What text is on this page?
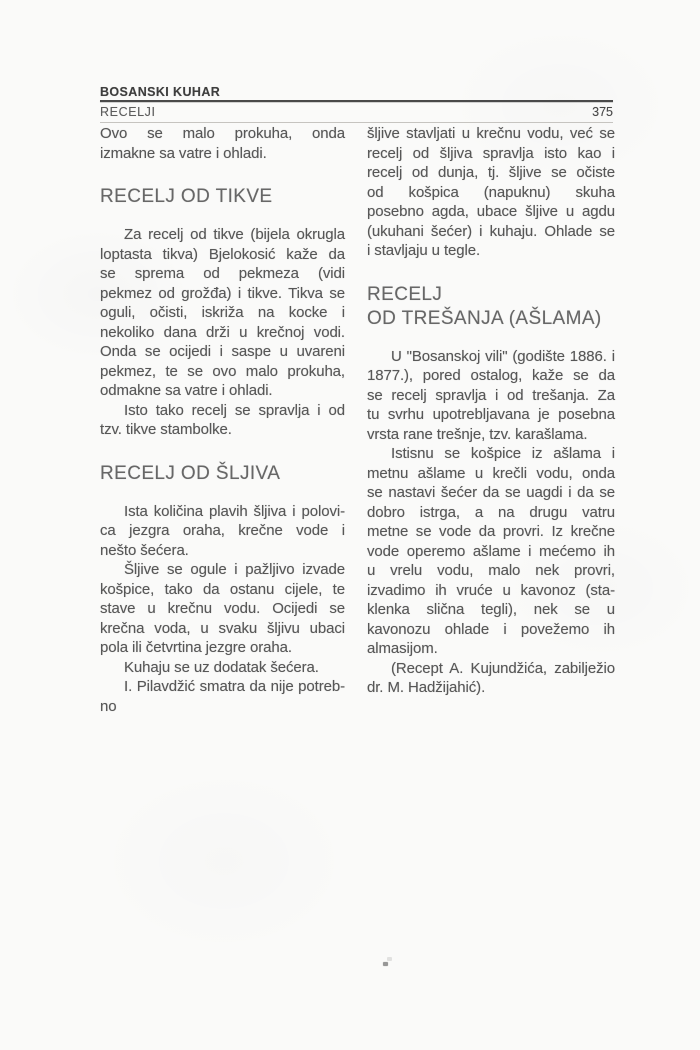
BOSANSKI KUHAR
RECELJI	375
Ovo se malo prokuha, onda
izmakne sa vatre i ohladi.
RECELJ OD TIKVE
Za recelj od tikve (bijela okrugla
loptasta tikva) Bjelokosić kaže da
se sprema od pekmeza (vidi
pekmez od grožđa) i tikve. Tikva se
oguli, očisti, iskriža na kocke i
nekoliko dana drži u krečnoj vodi.
Onda se ocijedi i saspe u uvareni
pekmez, te se ovo malo prokuha,
odmakne sa vatre i ohladi.
Isto tako recelj se spravlja i od
tzv. tikve stambolke.
RECELJ OD ŠLJIVA
Ista količina plavih šljiva i polovi-
ca jezgra oraha, krečne vode i
nešto šećera.
Šljive se ogule i pažljivo izvade
košpice, tako da ostanu cijele, te
stave u krečnu vodu. Ocijedi se
krečna voda, u svaku šljivu ubaci
pola ili četvrtina jezgre oraha.
Kuhaju se uz dodatak šećera.
I. Pilavdžić smatra da nije potreb-
no
šljive stavljati u krečnu vodu, već se
recelj od šljiva spravlja isto kao i
recelj od dunja, tj. šljive se očiste
od košpica (napuknu) skuha
posebno agda, ubace šljive u agdu
(ukuhani šećer) i kuhaju. Ohlade se
i stavljaju u tegle.
RECELJ
OD TREŠANJA (AŠLAMA)
U "Bosanskoj vili" (godište 1886. i
1877.), pored ostalog, kaže se da
se recelj spravlja i od trešanja. Za
tu svrhu upotrebljavana je posebna
vrsta rane trešnje, tzv. karašlama.
Istisnu se košpice iz ašlama i
metnu ašlame u krečli vodu, onda
se nastavi šećer da se uagdi i da se
dobro istrga, a na drugu vatru
metne se vode da provri. Iz krečne
vode operemo ašlame i mećemo ih
u vrelu vodu, malo nek provri,
izvadimo ih vruće u kavonoz (sta-
klenka slična tegli), nek se u
kavonozu ohlade i povežemo ih
almasijom.
(Recept A. Kujundžića, zabilježio
dr. M. Hadžijahić).
